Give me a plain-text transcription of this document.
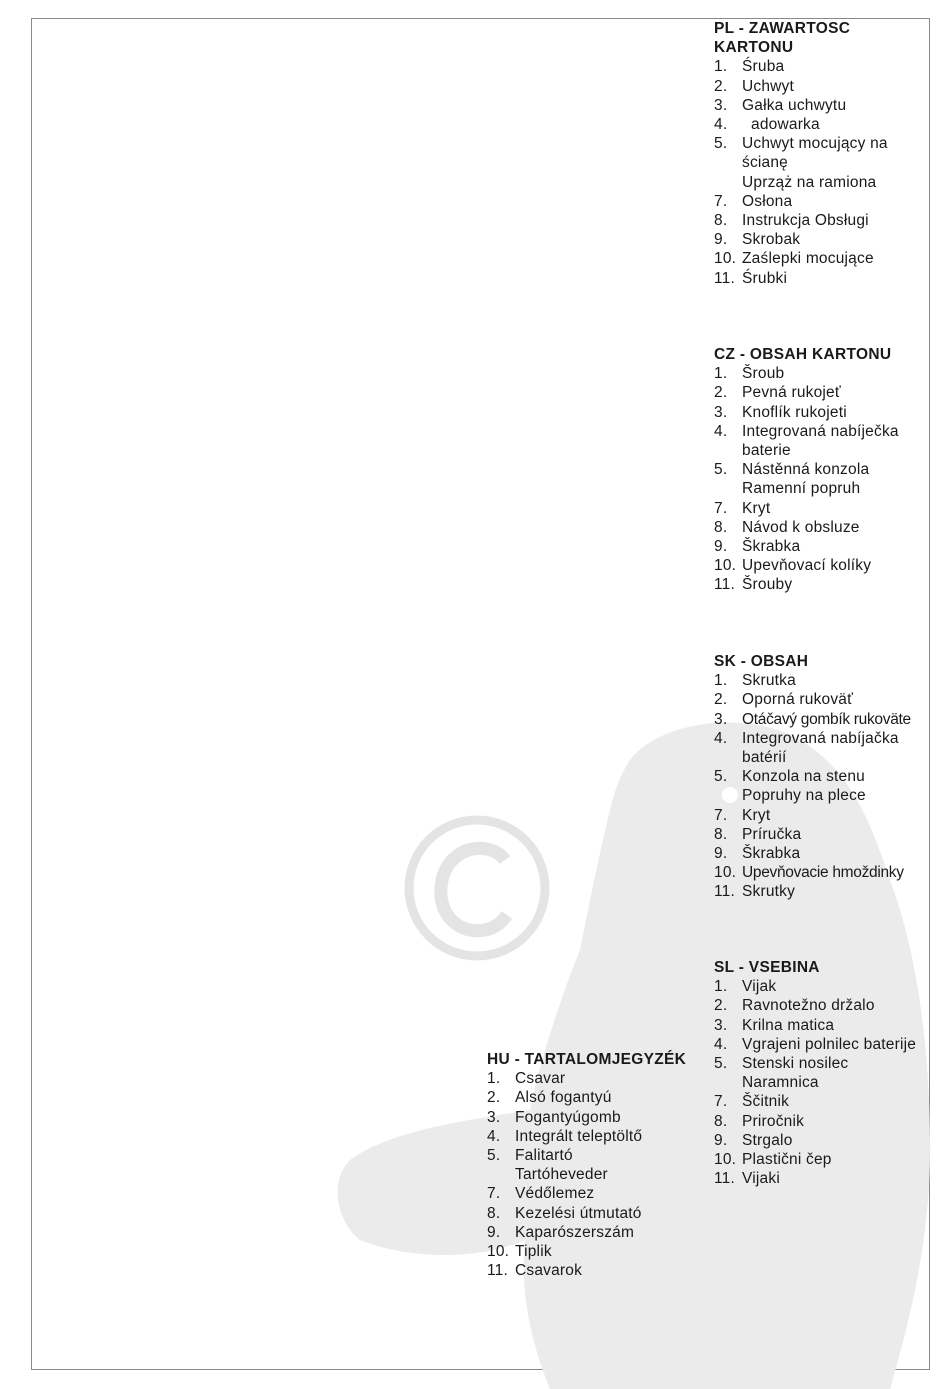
PL - ZAWARTOSC KARTONU
1. Śruba
2. Uchwyt
3. Gałka uchwytu
4. adowarka
5. Uchwyt mocujący na ścianę
Uprząż na ramiona
7. Osłona
8. Instrukcja Obsługi
9. Skrobak
10. Zaślepki mocujące
11. Śrubki
CZ - OBSAH KARTONU
1. Šroub
2. Pevná rukojeť
3. Knoflík rukojeti
4. Integrovaná nabíječka baterie
5. Nástěnná konzola
Ramenní popruh
7. Kryt
8. Návod k obsluze
9. Škrabka
10. Upevňovací kolíky
11. Šrouby
SK - OBSAH
1. Skrutka
2. Oporná rukoväť
3. Otáčavý gombík rukoväte
4. Integrovaná nabíjačka batérií
5. Konzola na stenu
Popruhy na plece
7. Kryt
8. Príručka
9. Škrabka
10. Upevňovacie hmoždinky
11. Skrutky
SL - VSEBINA
1. Vijak
2. Ravnotežno držalo
3. Krilna matica
4. Vgrajeni polnilec baterije
5. Stenski nosilec
Naramnica
7. Ščitnik
8. Priročnik
9. Strgalo
10. Plastični čep
11. Vijaki
HU - TARTALOMJEGYZÉK
1. Csavar
2. Alsó fogantyú
3. Fogantyúgomb
4. Integrált teleptöltő
5. Falitartó
Tartóheveder
7. Védőlemez
8. Kezelési útmutató
9. Kaparószerszám
10. Tiplik
11. Csavarok
